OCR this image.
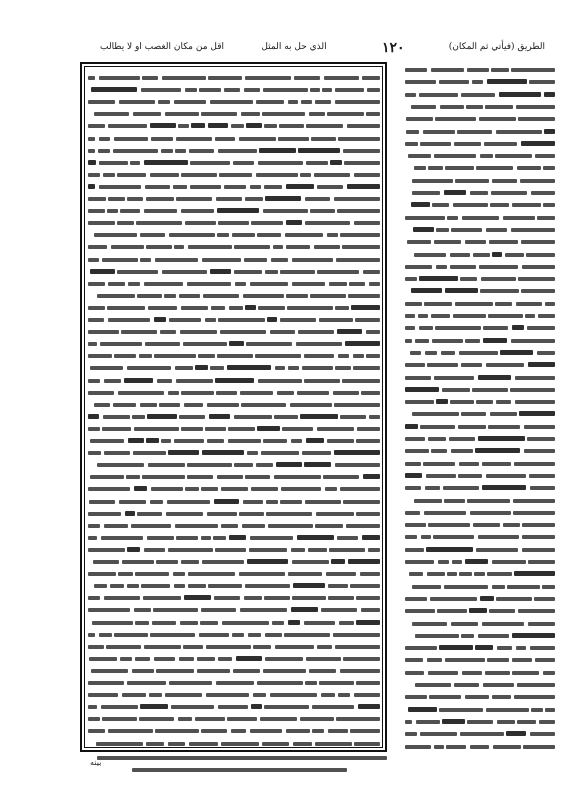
أقل من مكان الغصب أو لا يطالب	الذي حل به المثل	١٢٠	الطريق (فيأتي ثم المكان)
بينه
